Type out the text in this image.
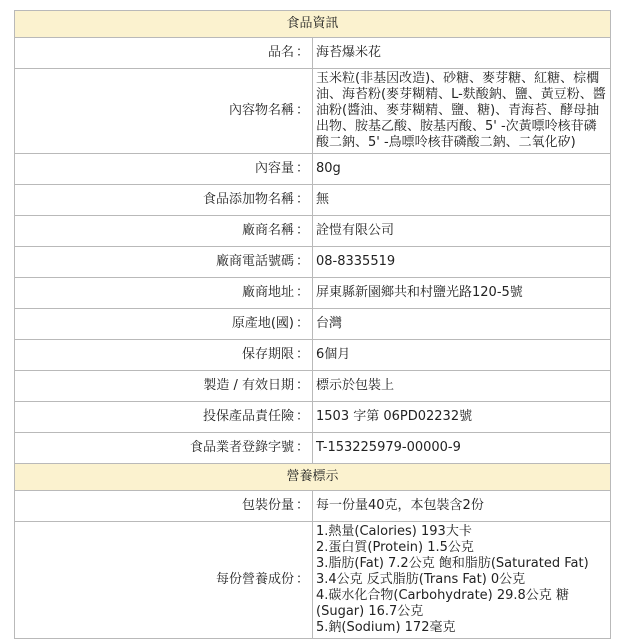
食品資訊	
品名 ：	海苔爆米花
內容物名稱 ：	玉米粒(非基因改造)、砂糖、麥芽糖、紅糖、棕櫚油、海苔粉(麥芽糊精、L-麩酸鈉、鹽、黃豆粉、醬油粉(醬油、麥芽糊精、鹽、糖)、青海苔、酵母抽出物、胺基乙酸、胺基丙酸、5' -次黃嘌呤核苷磷酸二鈉、5' -鳥嘌呤核苷磷酸二鈉、二氧化矽)
內容量 ：	80g
食品添加物名稱 ：	無
廠商名稱 ：	詮愷有限公司
廠商電話號碼 ：	08-8335519
廠商地址 ：	屏東縣新園鄉共和村鹽光路120-5號
原產地(國) ：	台灣
保存期限 ：	6個月
製造 / 有效日期 ：	標示於包裝上
投保產品責任險 ：	1503 字第 06PD02232號
食品業者登錄字號 ：	T-153225979-00000-9
營養標示	
包裝份量 ：	每一份量40克，本包裝含2份
每份營養成份 ：	1.熱量(Calories) 193大卡
2.蛋白質(Protein) 1.5公克
3.脂肪(Fat) 7.2公克 飽和脂肪(Saturated Fat) 3.4公克 反式脂肪(Trans Fat) 0公克
4.碳水化合物(Carbohydrate) 29.8公克 糖(Sugar) 16.7公克
5.鈉(Sodium) 172毫克
